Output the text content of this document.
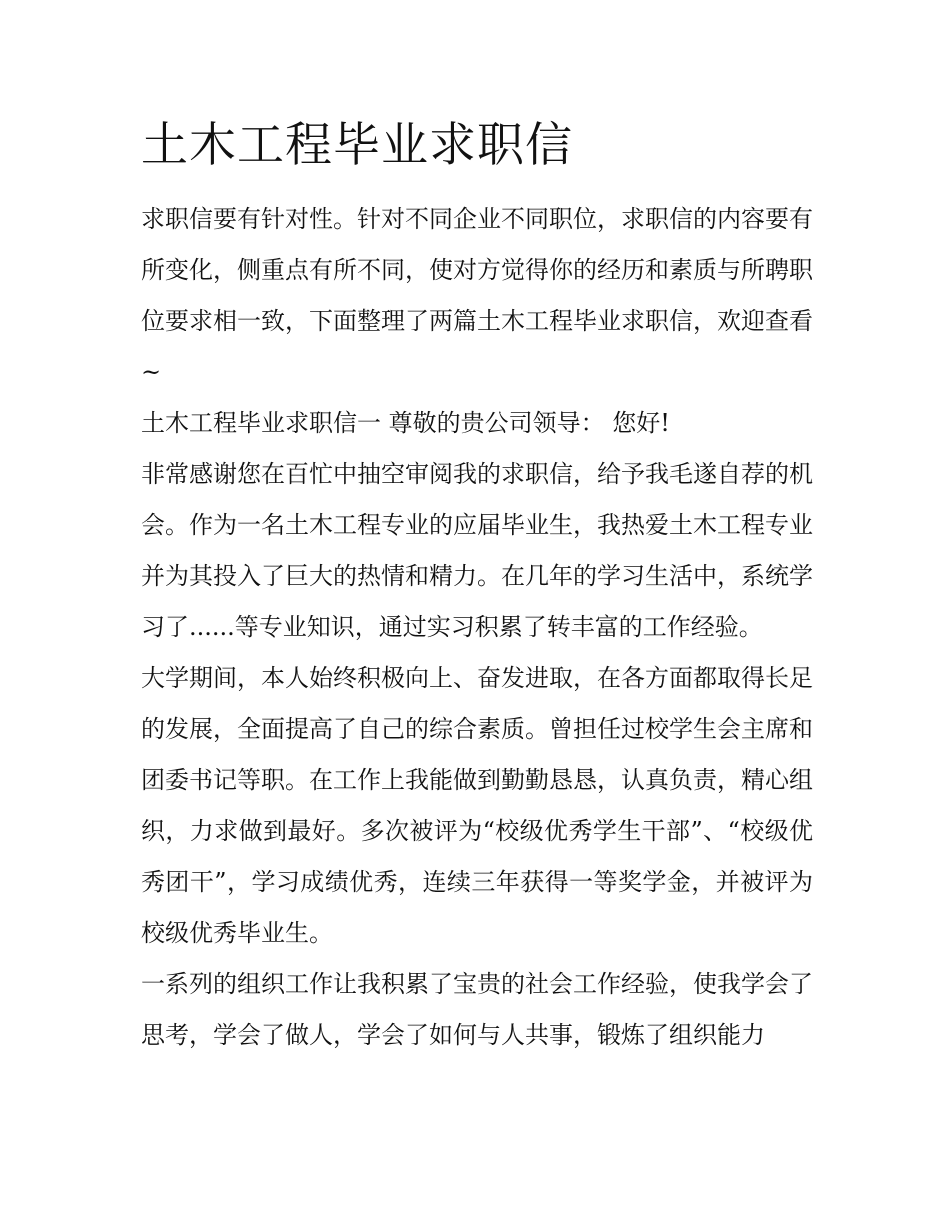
土木工程毕业求职信

求职信要有针对性。针对不同企业不同职位，求职信的内容要有所变化，侧重点有所不同，使对方觉得你的经历和素质与所聘职位要求相一致，下面整理了两篇土木工程毕业求职信，欢迎查看~

土木工程毕业求职信一 尊敬的贵公司领导： 您好!

非常感谢您在百忙中抽空审阅我的求职信，给予我毛遂自荐的机会。作为一名土木工程专业的应届毕业生，我热爱土木工程专业并为其投入了巨大的热情和精力。在几年的学习生活中，系统学习了......等专业知识，通过实习积累了转丰富的工作经验。

大学期间，本人始终积极向上、奋发进取，在各方面都取得长足的发展，全面提高了自己的综合素质。曾担任过校学生会主席和团委书记等职。在工作上我能做到勤勤恳恳，认真负责，精心组织，力求做到最好。多次被评为“校级优秀学生干部”、“校级优秀团干”，学习成绩优秀，连续三年获得一等奖学金，并被评为校级优秀毕业生。

一系列的组织工作让我积累了宝贵的社会工作经验，使我学会了思考，学会了做人，学会了如何与人共事，锻炼了组织能力
